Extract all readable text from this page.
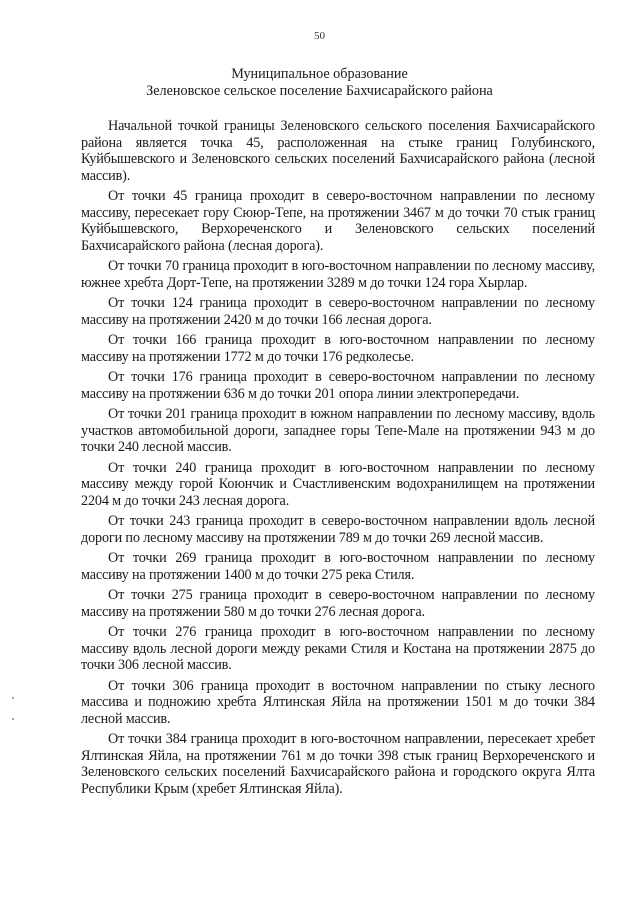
50
Муниципальное образование
Зеленовское сельское поселение Бахчисарайского района

Начальной точкой границы Зеленовского сельского поселения Бахчисарайского района является точка 45, расположенная на стыке границ Голубинского, Куйбышевского и Зеленовского сельских поселений Бахчисарайского района (лесной массив).

От точки 45 граница проходит в северо-восточном направлении по лесному массиву, пересекает гору Сююр-Тепе, на протяжении 3467 м до точки 70 стык границ Куйбышевского, Верхореченского и Зеленовского сельских поселений Бахчисарайского района (лесная дорога).

От точки 70 граница проходит в юго-восточном направлении по лесному массиву, южнее хребта Дорт-Тепе, на протяжении 3289 м до точки 124 гора Хырлар.

От точки 124 граница проходит в северо-восточном направлении по лесному массиву на протяжении 2420 м до точки 166 лесная дорога.

От точки 166 граница проходит в юго-восточном направлении по лесному массиву на протяжении 1772 м до точки 176 редколесье.

От точки 176 граница проходит в северо-восточном направлении по лесному массиву на протяжении 636 м до точки 201 опора линии электропередачи.

От точки 201 граница проходит в южном направлении по лесному массиву, вдоль участков автомобильной дороги, западнее горы Тепе-Мале на протяжении 943 м до точки 240 лесной массив.

От точки 240 граница проходит в юго-восточном направлении по лесному массиву между горой Коюнчик и Счастливенским водохранилищем на протяжении 2204 м до точки 243 лесная дорога.

От точки 243 граница проходит в северо-восточном направлении вдоль лесной дороги по лесному массиву на протяжении 789 м до точки 269 лесной массив.

От точки 269 граница проходит в юго-восточном направлении по лесному массиву на протяжении 1400 м до точки 275 река Стиля.

От точки 275 граница проходит в северо-восточном направлении по лесному массиву на протяжении 580 м до точки 276 лесная дорога.

От точки 276 граница проходит в юго-восточном направлении по лесному массиву вдоль лесной дороги между реками Стиля и Костана на протяжении 2875 до точки 306 лесной массив.

От точки 306 граница проходит в восточном направлении по стыку лесного массива и подножию хребта Ялтинская Яйла на протяжении 1501 м до точки 384 лесной массив.

От точки 384 граница проходит в юго-восточном направлении, пересекает хребет Ялтинская Яйла, на протяжении 761 м до точки 398 стык границ Верхореченского и Зеленовского сельских поселений Бахчисарайского района и городского округа Ялта Республики Крым (хребет Ялтинская Яйла).
